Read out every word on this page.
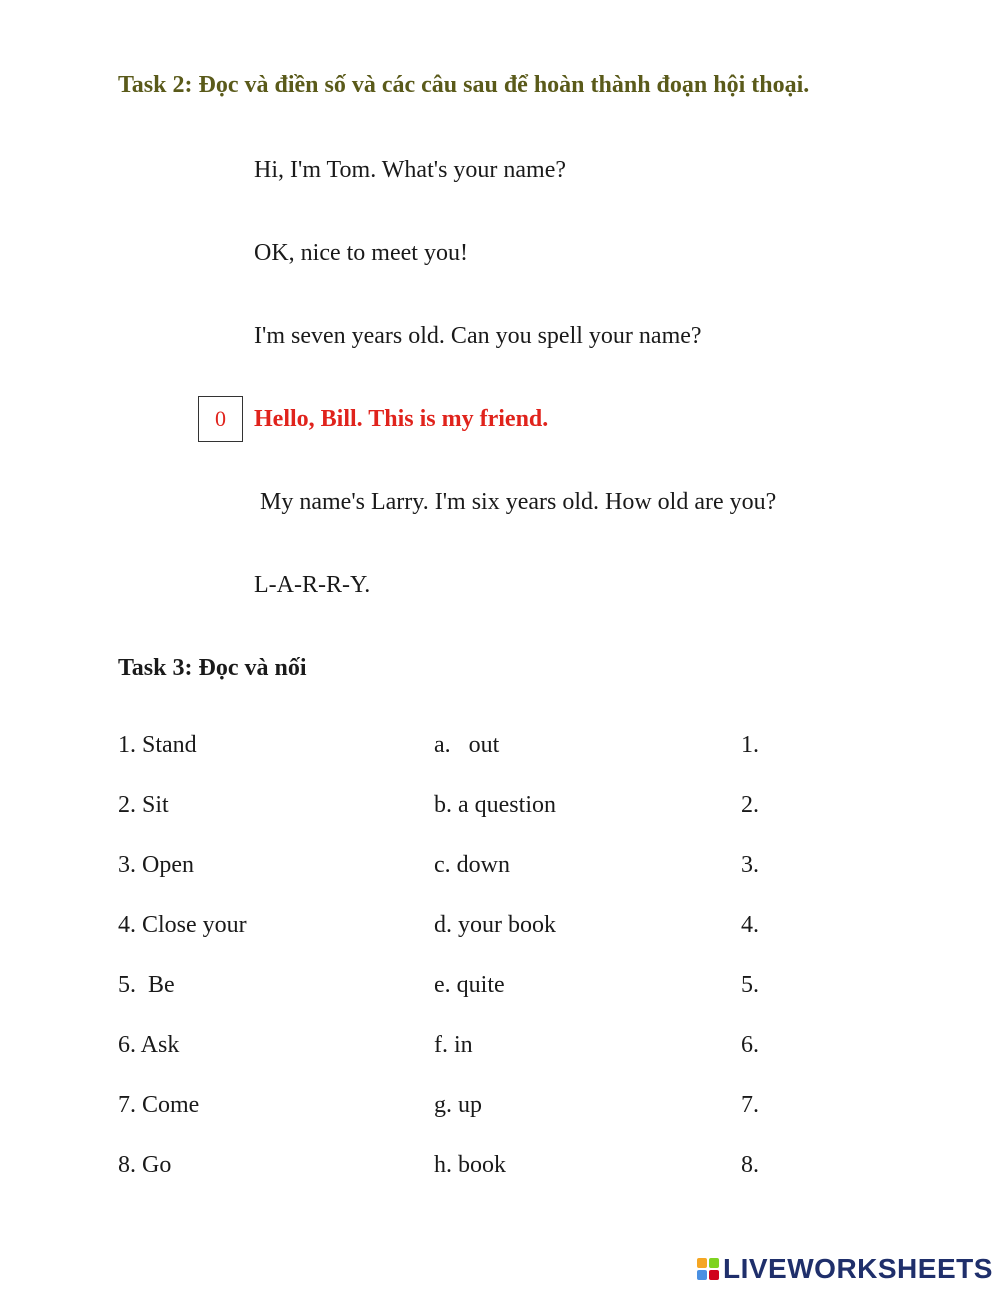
Task 2: Đọc và điền số và các câu sau để hoàn thành đoạn hội thoại.
Hi, I'm Tom. What's your name?
OK, nice to meet you!
I'm seven years old. Can you spell your name?
0	Hello, Bill. This is my friend.
My name's Larry. I'm six years old. How old are you?
L-A-R-R-Y.
Task 3: Đọc và nối
1. Stand	a.   out	1.
2. Sit	b. a question	2.
3. Open	c. down	3.
4. Close your	d. your book	4.
5.  Be	e. quite	5.
6. Ask	f. in	6.
7. Come	g. up	7.
8. Go	h. book	8.
LIVEWORKSHEETS
